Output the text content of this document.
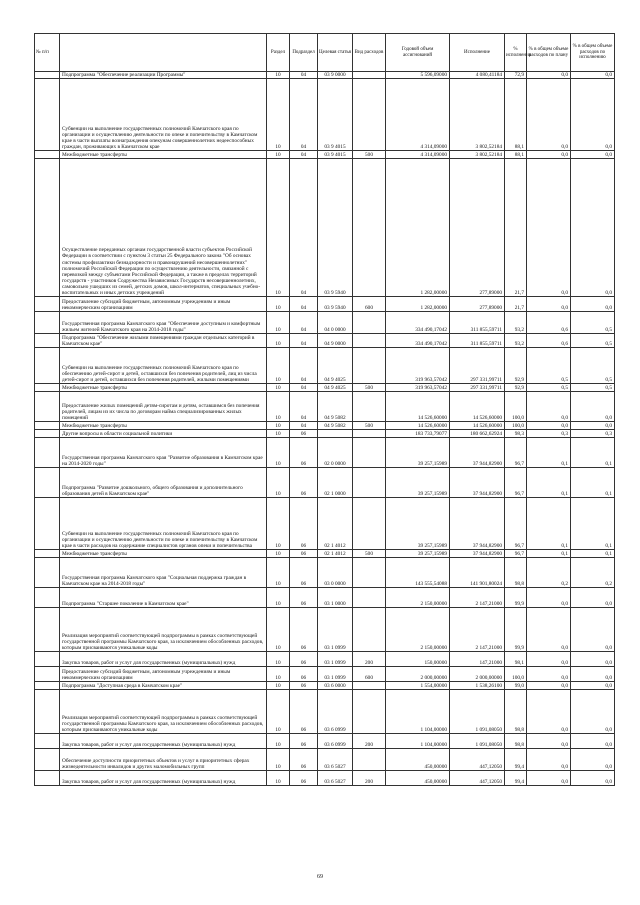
№ п/п		Раздел	Подраздел	Целевая статья	Вид расходов	Годовой объем ассигнований	Исполнение	% исполнения	% в общем объеме расходов по плану	% в общем объеме расходов по исполнению
	Подпрограмма "Обеспечение реализации Программы"	10	04	03 9 0000		5 596,09000	4 080,41184	72,9	0,0	0,0
	Субвенции на выполнение государственных полномочий Камчатского края по организации и осуществлению деятельности по опеке и попечительству в Камчатском крае в части выплаты вознаграждения опекунам совершеннолетних недееспособных граждан, проживающих в Камчатском крае	10	04	03 9 4015		4 314,09000	3 802,52184	88,1	0,0	0,0
	Межбюджетные трансферты	10	04	03 9 4015	500	4 314,09000	3 802,52184	88,1	0,0	0,0
	Осуществление переданных органам государственной власти субъектов Российской Федерации в соответствии с пунктом 3 статьи 25 Федерального закона "Об основах системы профилактики безнадзорности и правонарушений несовершеннолетних" полномочий Российской Федерации по осуществлению деятельности, связанной с перевозкой между субъектами Российской Федерации, а также в пределах территорий государств - участников Содружества Независимых Государств несовершеннолетних, самовольно ушедших из семей, детских домов, школ-интернатов, специальных учебно-воспитательных и иных детских учреждений	10	04	03 9 5940		1 282,00000	277,89000	21,7	0,0	0,0
	Предоставление субсидий бюджетным, автономным учреждениям и иным некоммерческим организациям	10	04	03 9 5940	600	1 282,00000	277,89000	21,7	0,0	0,0
	Государственная программа Камчатского края "Обеспечение доступным и комфортным жильем жителей Камчатского края на 2014-2018 годы"	10	04	04 0 0000		334 490,17042	311 855,59711	93,2	0,6	0,5
	Подпрограмма "Обеспечение жилыми помещениями граждан отдельных категорий в Камчатском крае"	10	04	04 9 0000		334 490,17042	311 855,59711	93,2	0,6	0,5
	Субвенции на выполнение государственных полномочий Камчатского края по обеспечению детей-сирот и детей, оставшихся без попечения родителей, лиц из числа детей-сирот и детей, оставшихся без попечения родителей, жилыми помещениями	10	04	04 9 4025		319 963,57042	297 331,99711	92,9	0,5	0,5
	Межбюджетные трансферты	10	04	04 9 4025	500	319 963,57042	297 331,99711	92,9	0,5	0,5
	Предоставление жилых помещений детям-сиротам и детям, оставшимся без попечения родителей, лицам из их числа по договорам найма специализированных жилых помещений	10	04	04 9 5082		14 526,60000	14 526,60000	100,0	0,0	0,0
	Межбюджетные трансферты	10	04	04 9 5082	500	14 526,60000	14 526,60000	100,0	0,0	0,0
	Другие вопросы в области социальной политики	10	06			183 733,79077	180 662,62924	98,3	0,3	0,3
	Государственная программа Камчатского края "Развитие образования в Камчатском крае на 2014-2020 годы"	10	06	02 0 0000		39 257,15989	37 944,82900	96,7	0,1	0,1
	Подпрограмма "Развитие дошкольного, общего образования и дополнительного образования детей в Камчатском крае"	10	06	02 1 0000		39 257,15989	37 944,82900	96,7	0,1	0,1
	Субвенции на выполнение государственных полномочий Камчатского края по организации и осуществлению деятельности по опеке и попечительству в Камчатском крае в части расходов на содержание специалистов органов опеки и попечительства	10	06	02 1 4012		39 257,15989	37 944,82900	96,7	0,1	0,1
	Межбюджетные трансферты	10	06	02 1 4012	500	39 257,15989	37 944,82900	96,7	0,1	0,1
	Государственная программа Камчатского края "Социальная поддержка граждан в Камчатском крае на 2014-2018 годы"	10	06	03 0 0000		143 555,54088	141 901,80024	98,8	0,2	0,2
	Подпрограмма "Старшее поколение в Камчатском крае"	10	06	03 1 0000		2 150,00000	2 147,21000	99,9	0,0	0,0
	Реализация мероприятий соответствующей подпрограммы в рамках соответствующей государственной программы Камчатского края, за исключением обособленных расходов, которым присваиваются уникальные коды	10	06	03 1 0999		2 150,00000	2 147,21000	99,9	0,0	0,0
	Закупка товаров, работ и услуг для государственных (муниципальных) нужд	10	06	03 1 0999	200	150,00000	147,21000	98,1	0,0	0,0
	Предоставление субсидий бюджетным, автономным учреждениям и иным некоммерческим организациям	10	06	03 1 0999	600	2 000,00000	2 000,00000	100,0	0,0	0,0
	Подпрограмма "Доступная среда в Камчатском крае"	10	06	03 6 0000		1 554,00000	1 538,26100	99,0	0,0	0,0
	Реализация мероприятий соответствующей подпрограммы в рамках соответствующей государственной программы Камчатского края, за исключением обособленных расходов, которым присваиваются уникальные коды	10	06	03 6 0999		1 104,00000	1 091,08050	98,8	0,0	0,0
	Закупка товаров, работ и услуг для государственных (муниципальных) нужд	10	06	03 6 0999	200	1 104,00000	1 091,08050	98,8	0,0	0,0
	Обеспечение доступности приоритетных объектов и услуг в приоритетных сферах жизнедеятельности инвалидов и других маломобильных групп	10	06	03 6 5027		450,00000	447,12050	99,4	0,0	0,0
	Закупка товаров, работ и услуг для государственных (муниципальных) нужд	10	06	03 6 5027	200	450,00000	447,12050	99,4	0,0	0,0
69
